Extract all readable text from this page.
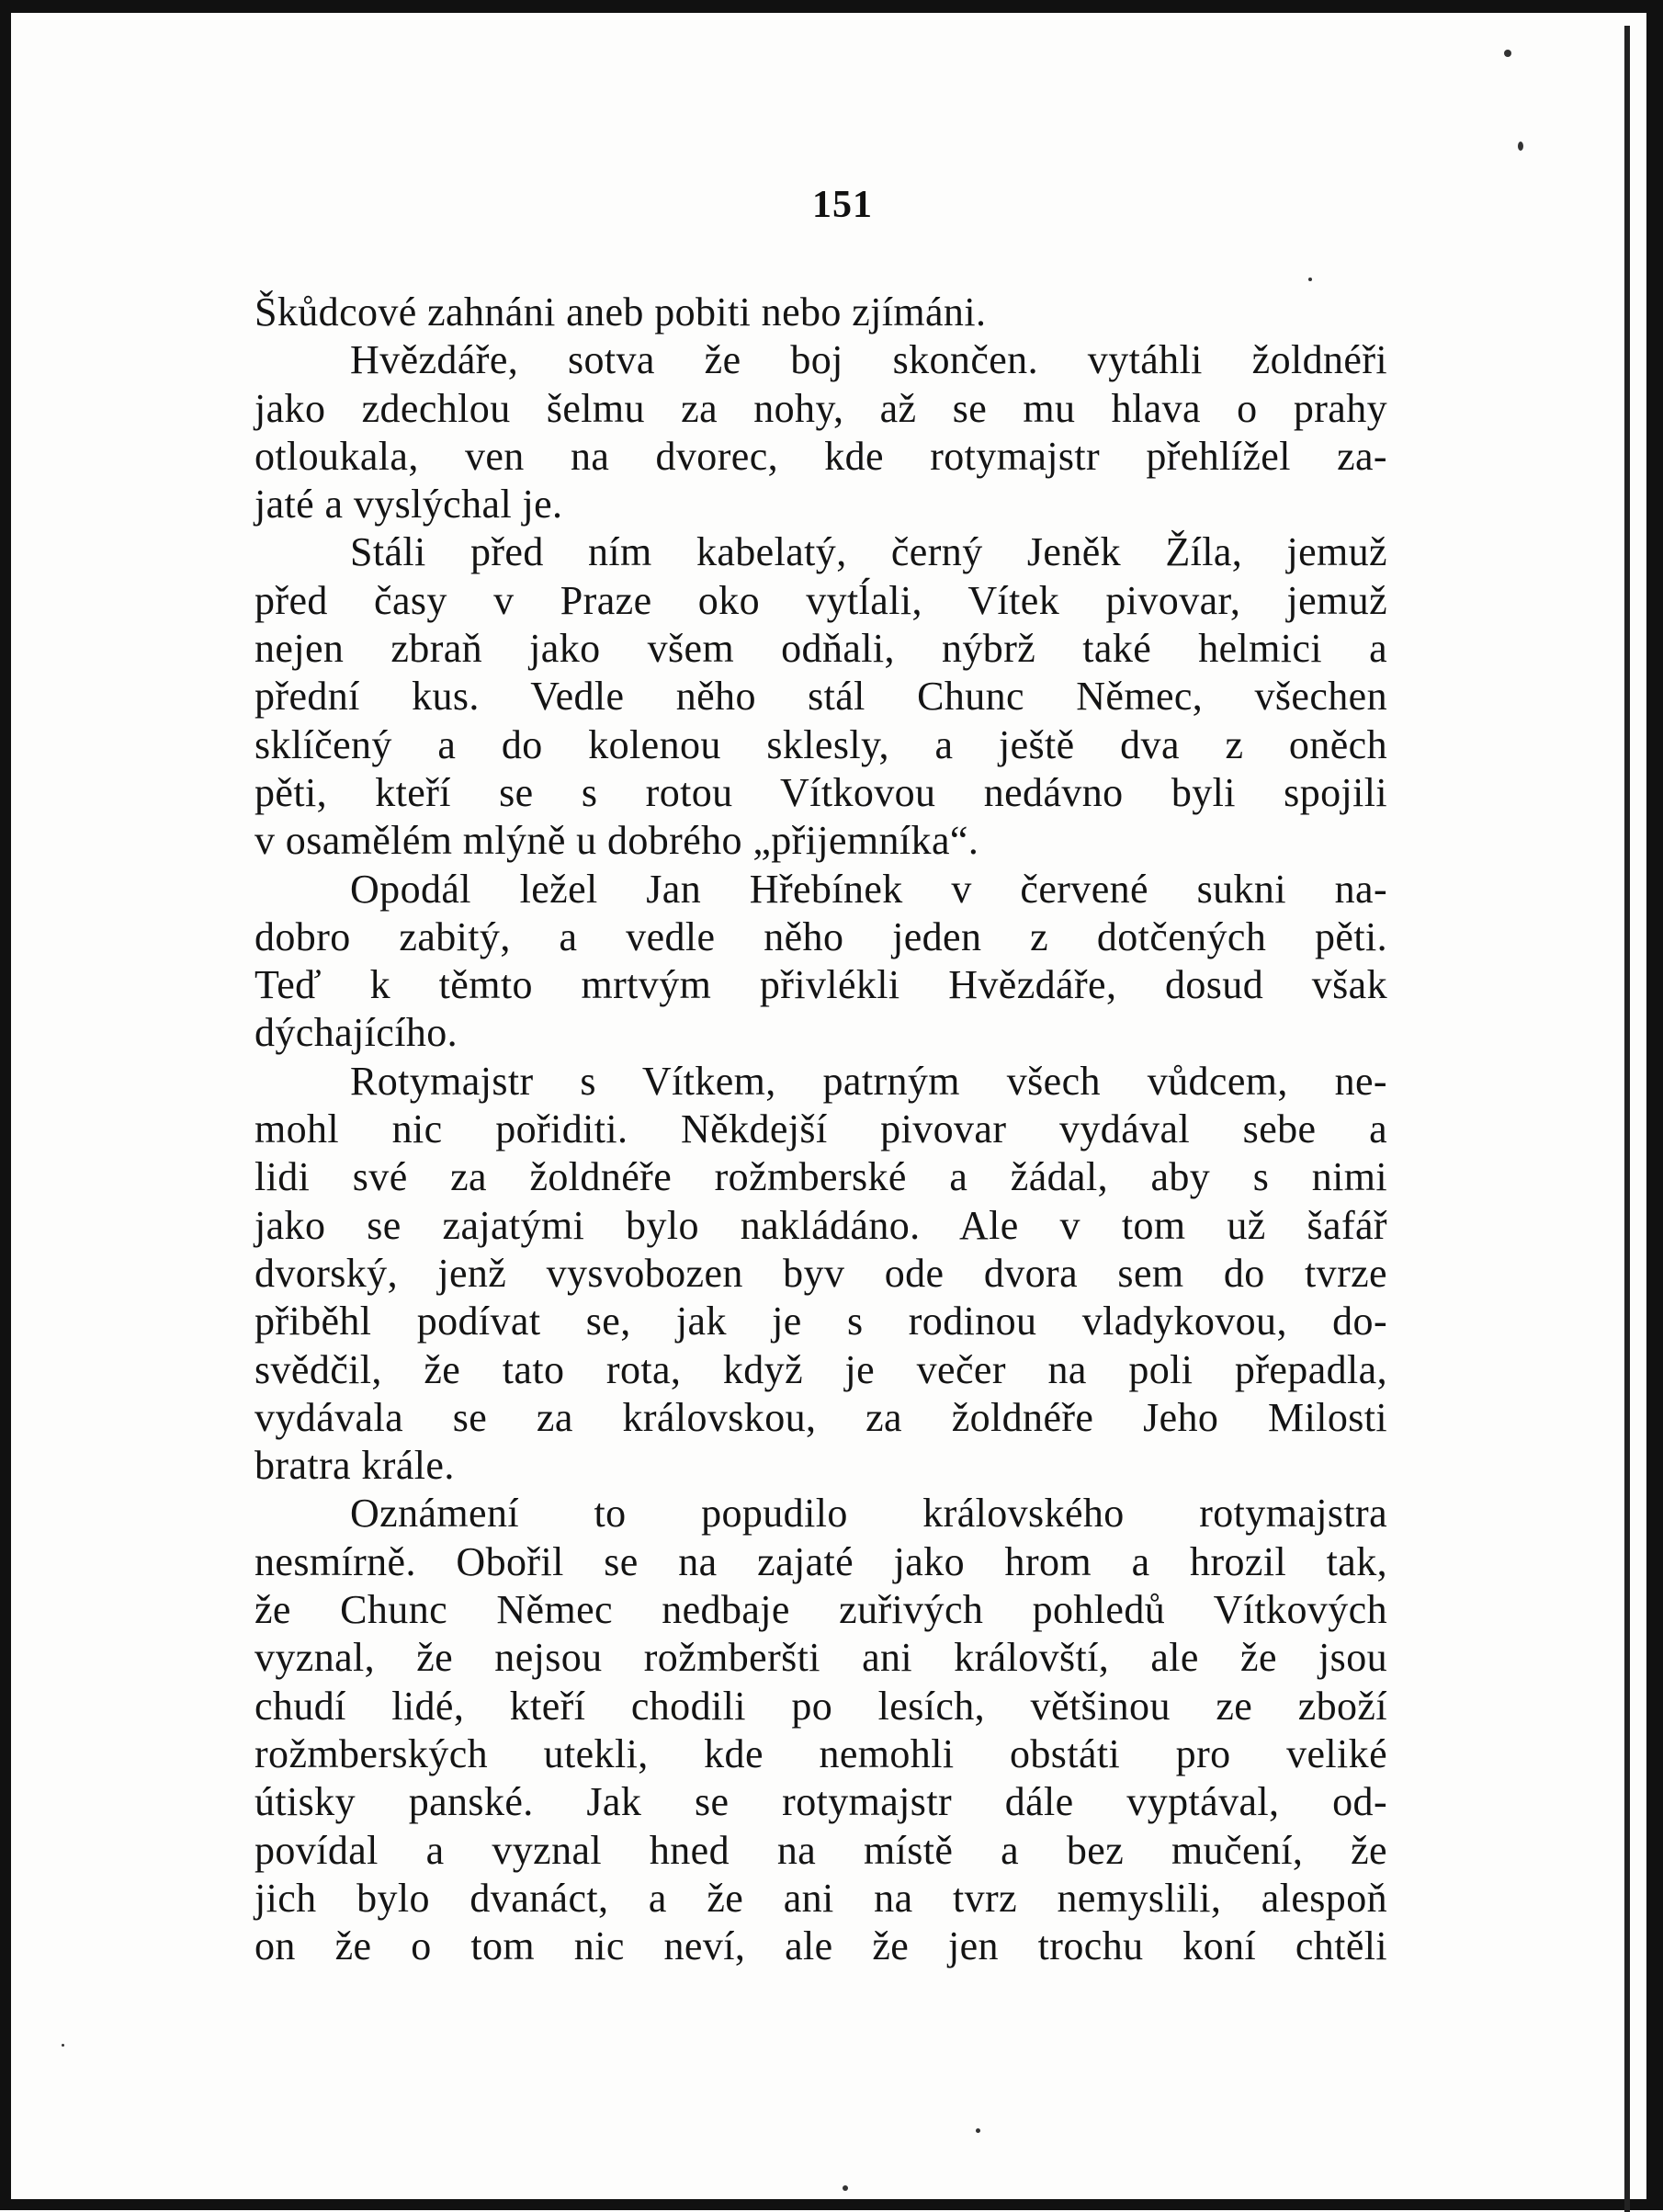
151
Škůdcové zahnáni aneb pobiti nebo zjímáni.
Hvězdáře, sotva že boj skončen. vytáhli žoldnéři
jako zdechlou šelmu za nohy, až se mu hlava o prahy
otloukala, ven na dvorec, kde rotymajstr přehlížel za-
jaté a vyslýchal je.
Stáli před ním kabelatý, černý Jeněk Žíla, jemuž
před časy v Praze oko vytĺali, Vítek pivovar, jemuž
nejen zbraň jako všem odňali, nýbrž také helmici a
přední kus. Vedle něho stál Chunc Němec, všechen
sklíčený a do kolenou sklesly, a ještě dva z oněch
pěti, kteří se s rotou Vítkovou nedávno byli spojili
v osamělém mlýně u dobrého „přijemníka“.
Opodál ležel Jan Hřebínek v červené sukni na-
dobro zabitý, a vedle něho jeden z dotčených pěti.
Teď k těmto mrtvým přivlékli Hvězdáře, dosud však
dýchajícího.
Rotymajstr s Vítkem, patrným všech vůdcem, ne-
mohl nic pořiditi. Někdejší pivovar vydával sebe a
lidi své za žoldnéře rožmberské a žádal, aby s nimi
jako se zajatými bylo nakládáno. Ale v tom už šafář
dvorský, jenž vysvobozen byv ode dvora sem do tvrze
přiběhl podívat se, jak je s rodinou vladykovou, do-
svědčil, že tato rota, když je večer na poli přepadla,
vydávala se za královskou, za žoldnéře Jeho Milosti
bratra krále.
Oznámení to popudilo královského rotymajstra
nesmírně. Obořil se na zajaté jako hrom a hrozil tak,
že Chunc Němec nedbaje zuřivých pohledů Vítkových
vyznal, že nejsou rožmberšti ani královští, ale že jsou
chudí lidé, kteří chodili po lesích, většinou ze zboží
rožmberských utekli, kde nemohli obstáti pro veliké
útisky panské. Jak se rotymajstr dále vyptával, od-
povídal a vyznal hned na místě a bez mučení, že
jich bylo dvanáct, a že ani na tvrz nemyslili, alespoň
on že o tom nic neví, ale že jen trochu koní chtěli
